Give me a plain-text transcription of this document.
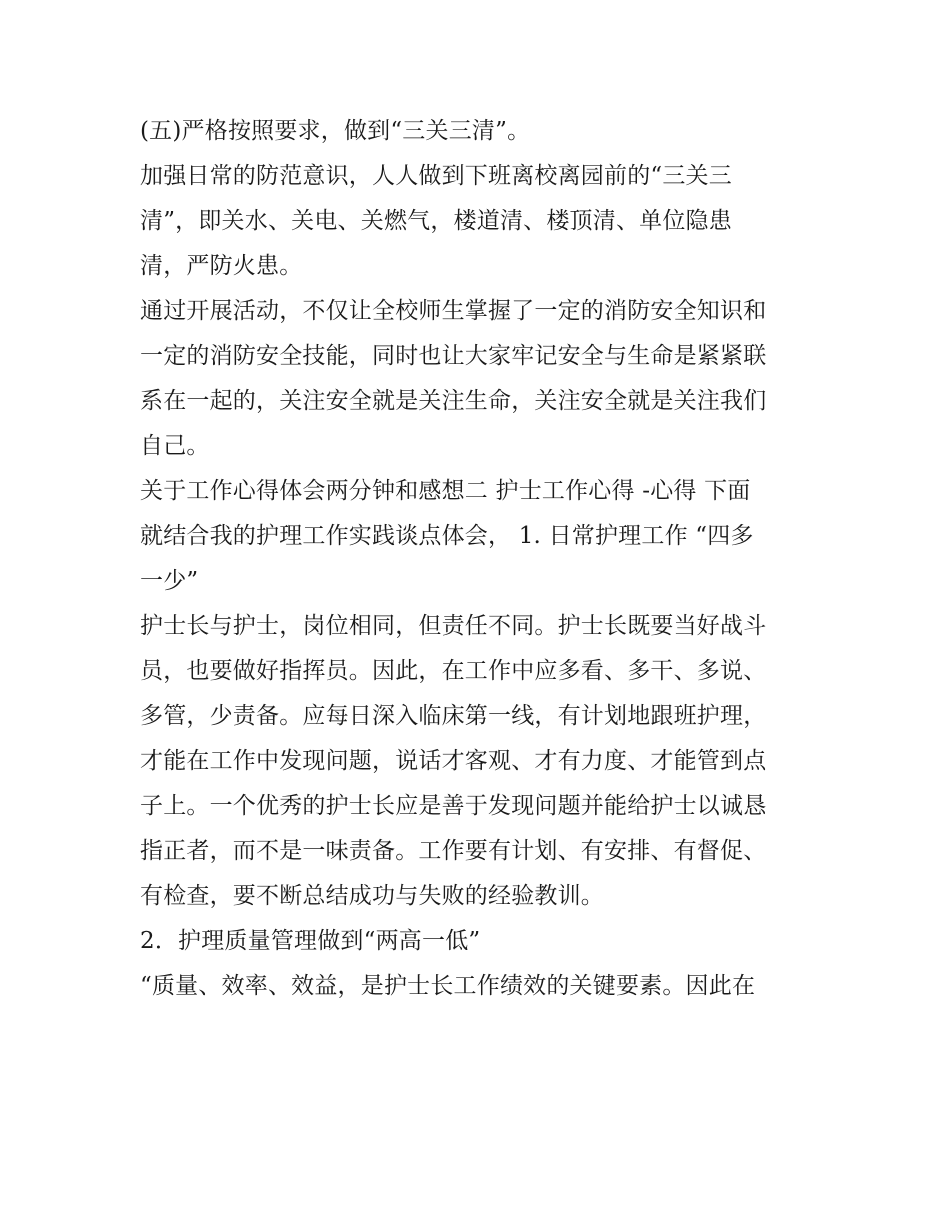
(五)严格按照要求，做到“三关三清”。
加强日常的防范意识，人人做到下班离校离园前的“三关三
清”，即关水、关电、关燃气，楼道清、楼顶清、单位隐患
清，严防火患。
通过开展活动，不仅让全校师生掌握了一定的消防安全知识和
一定的消防安全技能，同时也让大家牢记安全与生命是紧紧联
系在一起的，关注安全就是关注生命，关注安全就是关注我们
自己。
关于工作心得体会两分钟和感想二 护士工作心得 -心得 下面
就结合我的护理工作实践谈点体会， 1. 日常护理工作 “四多
一少”
护士长与护士，岗位相同，但责任不同。护士长既要当好战斗
员，也要做好指挥员。因此，在工作中应多看、多干、多说、
多管，少责备。应每日深入临床第一线，有计划地跟班护理，
才能在工作中发现问题，说话才客观、才有力度、才能管到点
子上。一个优秀的护士长应是善于发现问题并能给护士以诚恳
指正者，而不是一味责备。工作要有计划、有安排、有督促、
有检查，要不断总结成功与失败的经验教训。
2．护理质量管理做到“两高一低”
“质量、效率、效益，是护士长工作绩效的关键要素。因此在
